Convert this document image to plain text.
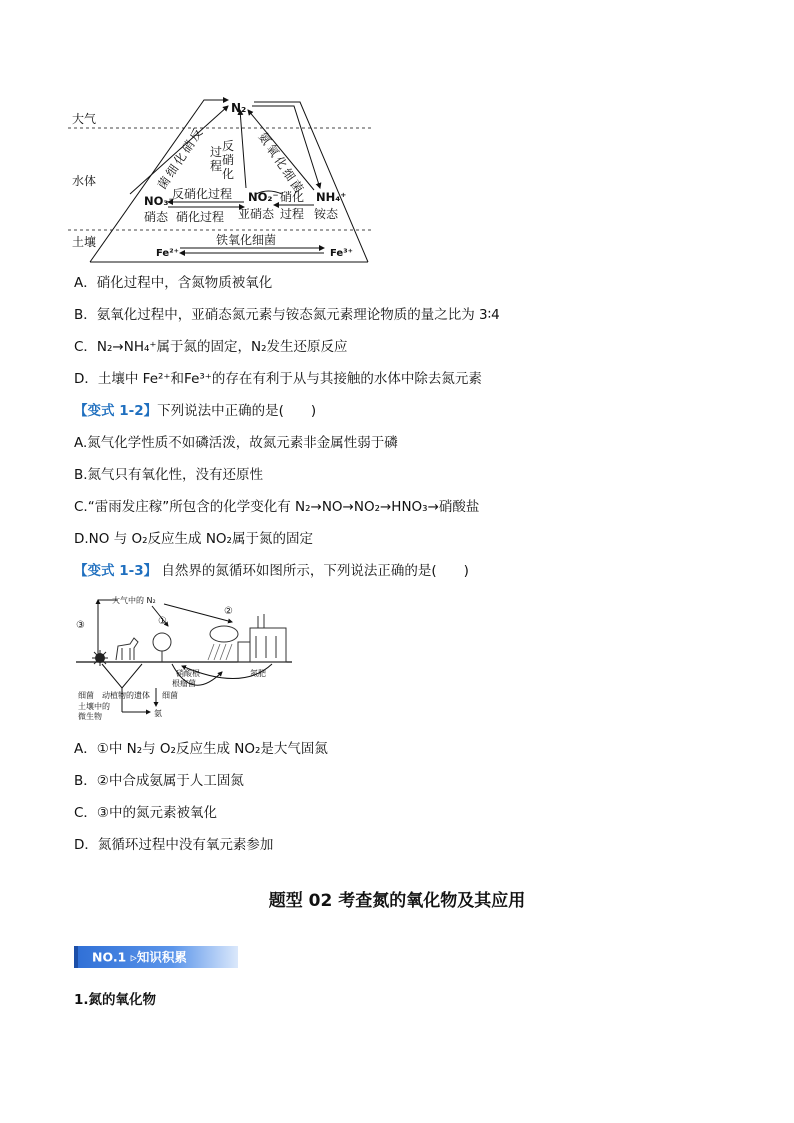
N₂
大气
水体
土壤
反
硝
化
细
菌
反
硝
化
过
程
氨
氧
化
细
菌
NO₃⁻	NO₂⁻	NH₄⁺
反硝化过程
硝化过程
硝化
过程
硝态	亚硝态	铵态
铁氧化细菌
Fe²⁺	Fe³⁺
A．硝化过程中，含氮物质被氧化
B．氨氧化过程中，亚硝态氮元素与铵态氮元素理论物质的量之比为 3∶4
C．N₂→NH₄⁺属于氮的固定，N₂发生还原反应
D．土壤中 Fe²⁺和Fe³⁺的存在有利于从与其接触的水体中除去氮元素
【变式 1-2】下列说法中正确的是(　　)
A.氮气化学性质不如磷活泼，故氮元素非金属性弱于磷
B.氮气只有氧化性，没有还原性
C.“雷雨发庄稼”所包含的化学变化有 N₂→NO→NO₂→HNO₃→硝酸盐
D.NO 与 O₂反应生成 NO₂属于氮的固定
【变式 1-3】 自然界的氮循环如图所示，下列说法正确的是(　　)
大气中的 N₂
③	①
②
根瘤菌
硝酸根	氮肥
细菌 动植物的遗体
土壤中的
微生物
细菌
氨
A．①中 N₂与 O₂反应生成 NO₂是大气固氮
B．②中合成氨属于人工固氮
C．③中的氮元素被氧化
D．氮循环过程中没有氧元素参加
题型 02 考查氮的氧化物及其应用
NO.1 ▹知识积累
1.氮的氧化物
